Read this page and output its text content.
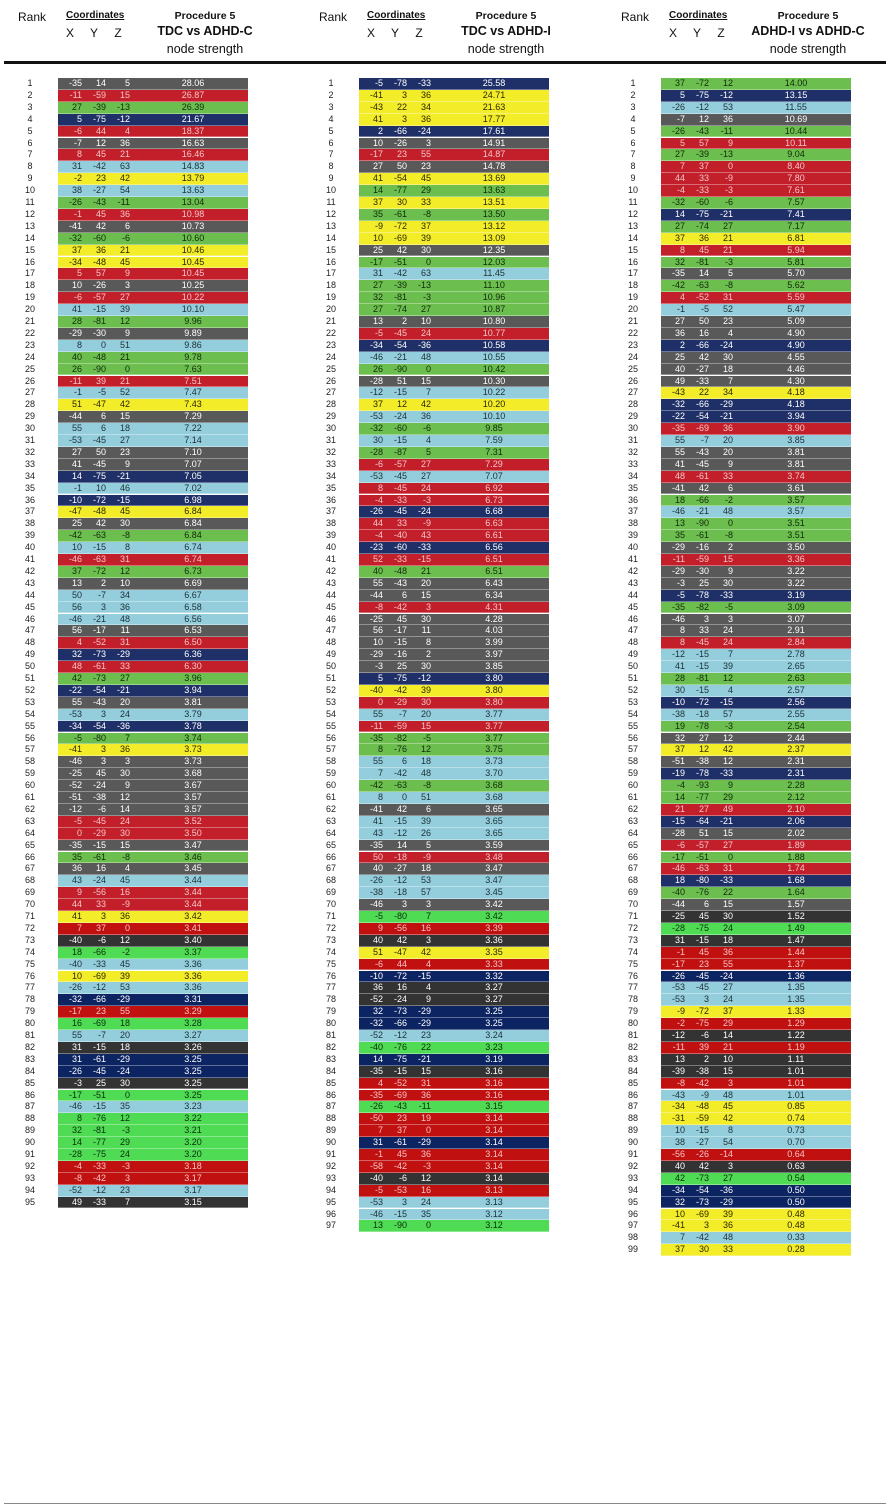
Rank Coordinates
X	Y	Z
Procedure 5
TDC vs ADHD-C
node strength
1	-35	14	5	28.06
2	-11	-59	15	26.87
3	27	-39	-13	26.39
4	5	-75	-12	21.67
5	-6	44	4	18.37
6	-7	12	36	16.63
7	8	45	21	16.46
8	31	-42	63	14.83
9	-2	23	42	13.79
10	38	-27	54	13.63
11	-26	-43	-11	13.04
12	-1	45	36	10.98
13	-41	42	6	10.73
14	-32	-60	-6	10.60
15	37	36	21	10.46
16	-34	-48	45	10.45
17	5	57	9	10.45
18	10	-26	3	10.25
19	-6	-57	27	10.22
20	41	-15	39	10.10
21	28	-81	12	9.96
22	-29	-30	9	9.89
23	8	0	51	9.86
24	40	-48	21	9.78
25	26	-90	0	7.63
26	-11	39	21	7.51
27	-1	-5	52	7.47
28	51	-47	42	7.43
29	-44	6	15	7.29
30	55	6	18	7.22
31	-53	-45	27	7.14
32	27	50	23	7.10
33	41	-45	9	7.07
34	14	-75	-21	7.05
35	-1	10	46	7.02
36	-10	-72	-15	6.98
37	-47	-48	45	6.84
38	25	42	30	6.84
39	-42	-63	-8	6.84
40	10	-15	8	6.74
41	-46	-63	31	6.74
42	37	-72	12	6.73
43	13	2	10	6.69
44	50	-7	34	6.67
45	56	3	36	6.58
46	-46	-21	48	6.56
47	56	-17	11	6.53
48	4	-52	31	6.50
49	32	-73	-29	6.36
50	48	-61	33	6.30
51	42	-73	27	3.96
52	-22	-54	-21	3.94
53	55	-43	20	3.81
54	-53	3	24	3.79
55	-34	-54	-36	3.78
56	-5	-80	7	3.74
57	-41	3	36	3.73
58	-46	3	3	3.73
59	-25	45	30	3.68
60	-52	-24	9	3.67
61	-51	-38	12	3.57
62	-12	-6	14	3.57
63	-5	-45	24	3.52
64	0	-29	30	3.50
65	-35	-15	15	3.47
66	35	-61	-8	3.46
67	36	16	4	3.45
68	43	-24	45	3.44
69	9	-56	16	3.44
70	44	33	-9	3.44
71	41	3	36	3.42
72	7	37	0	3.41
73	-40	-6	12	3.40
74	18	-66	-2	3.37
75	-40	-33	45	3.36
76	10	-69	39	3.36
77	-26	-12	53	3.36
78	-32	-66	-29	3.31
79	-17	23	55	3.29
80	16	-69	18	3.28
81	55	-7	20	3.27
82	31	-15	18	3.26
83	31	-61	-29	3.25
84	-26	-45	-24	3.25
85	-3	25	30	3.25
86	-17	-51	0	3.25
87	-46	-15	35	3.23
88	8	-76	12	3.22
89	32	-81	-3	3.21
90	14	-77	29	3.20
91	-28	-75	24	3.20
92	-4	-33	-3	3.18
93	-8	-42	3	3.17
94	-52	-12	23	3.17
95	49	-33	7	3.15
Rank Coordinates
X	Y	Z
Procedure 5
TDC vs ADHD-I
node strength
1	-5	-78	-33	25.58
2	-41	3	36	24.71
3	-43	22	34	21.63
4	41	3	36	17.77
5	2	-66	-24	17.61
6	10	-26	3	14.91
7	-17	23	55	14.87
8	27	50	23	14.78
9	41	-54	45	13.69
10	14	-77	29	13.63
11	37	30	33	13.51
12	35	-61	-8	13.50
13	-9	-72	37	13.12
14	10	-69	39	13.09
15	25	42	30	12.35
16	-17	-51	0	12.03
17	31	-42	63	11.45
18	27	-39	-13	11.10
19	32	-81	-3	10.96
20	27	-74	27	10.87
21	13	2	10	10.80
22	-5	-45	24	10.77
23	-34	-54	-36	10.58
24	-46	-21	48	10.55
25	26	-90	0	10.42
26	-28	51	15	10.30
27	-12	-15	7	10.22
28	37	12	42	10.20
29	-53	-24	36	10.10
30	-32	-60	-6	9.85
31	30	-15	4	7.59
32	-28	-87	5	7.31
33	-6	-57	27	7.29
34	-53	-45	27	7.07
35	8	-45	24	6.92
36	-4	-33	-3	6.73
37	-26	-45	-24	6.68
38	44	33	-9	6.63
39	-4	-40	43	6.61
40	-23	-60	-33	6.56
41	52	-33	-15	6.51
42	40	-48	21	6.51
43	55	-43	20	6.43
44	-44	6	15	6.34
45	-8	-42	3	4.31
46	-25	45	30	4.28
47	56	-17	11	4.03
48	10	-15	8	3.99
49	-29	-16	2	3.97
50	-3	25	30	3.85
51	5	-75	-12	3.80
52	-40	-42	39	3.80
53	0	-29	30	3.80
54	55	-7	20	3.77
55	-11	-59	15	3.77
56	-35	-82	-5	3.77
57	8	-76	12	3.75
58	55	6	18	3.73
59	7	-42	48	3.70
60	-42	-63	-8	3.68
61	8	0	51	3.68
62	-41	42	6	3.65
63	41	-15	39	3.65
64	43	-12	26	3.65
65	-35	14	5	3.59
66	50	-18	-9	3.48
67	40	-27	18	3.47
68	-26	-12	53	3.47
69	-38	-18	57	3.45
70	-46	3	3	3.42
71	-5	-80	7	3.42
72	9	-56	16	3.39
73	40	42	3	3.36
74	51	-47	42	3.35
75	-6	44	4	3.33
76	-10	-72	-15	3.32
77	36	16	4	3.27
78	-52	-24	9	3.27
79	32	-73	-29	3.25
80	-32	-66	-29	3.25
81	-52	-12	23	3.24
82	-40	-76	22	3.23
83	14	-75	-21	3.19
84	-35	-15	15	3.16
85	4	-52	31	3.16
86	-35	-69	36	3.16
87	-26	-43	-11	3.15
88	-50	23	19	3.14
89	7	37	0	3.14
90	31	-61	-29	3.14
91	-1	45	36	3.14
92	-58	-42	-3	3.14
93	-40	-6	12	3.14
94	-5	-53	16	3.13
95	-53	3	24	3.13
96	-46	-15	35	3.12
97	13	-90	0	3.12
Rank Coordinates
X	Y	Z
Procedure 5
ADHD-I vs ADHD-C
node strength
1	37	-72	12	14.00
2	5	-75	-12	13.15
3	-26	-12	53	11.55
4	-7	12	36	10.69
5	-26	-43	-11	10.44
6	5	57	9	10.11
7	27	-39	-13	9.04
8	7	37	0	8.40
9	44	33	-9	7.80
10	-4	-33	-3	7.61
11	-32	-60	-6	7.57
12	14	-75	-21	7.41
13	27	-74	27	7.17
14	37	36	21	6.81
15	8	45	21	5.94
16	32	-81	-3	5.81
17	-35	14	5	5.70
18	-42	-63	-8	5.62
19	4	-52	31	5.59
20	-1	-5	52	5.47
21	27	50	23	5.09
22	36	16	4	4.90
23	2	-66	-24	4.90
24	25	42	30	4.55
25	40	-27	18	4.46
26	49	-33	7	4.30
27	-43	22	34	4.18
28	-32	-66	-29	4.18
29	-22	-54	-21	3.94
30	-35	-69	36	3.90
31	55	-7	20	3.85
32	55	-43	20	3.81
33	41	-45	9	3.81
34	48	-61	33	3.74
35	-41	42	6	3.61
36	18	-66	-2	3.57
37	-46	-21	48	3.57
38	13	-90	0	3.51
39	35	-61	-8	3.51
40	-29	-16	2	3.50
41	-11	-59	15	3.36
42	-29	-30	9	3.22
43	-3	25	30	3.22
44	-5	-78	-33	3.19
45	-35	-82	-5	3.09
46	-46	3	3	3.07
47	8	33	24	2.91
48	8	-45	24	2.84
49	-12	-15	7	2.78
50	41	-15	39	2.65
51	28	-81	12	2.63
52	30	-15	4	2.57
53	-10	-72	-15	2.56
54	-38	-18	57	2.55
55	19	-78	-3	2.54
56	32	27	12	2.44
57	37	12	42	2.37
58	-51	-38	12	2.31
59	-19	-78	-33	2.31
60	-4	-93	9	2.28
61	14	-77	29	2.12
62	21	27	49	2.10
63	-15	-64	-21	2.06
64	-28	51	15	2.02
65	-6	-57	27	1.89
66	-17	-51	0	1.88
67	-46	-63	31	1.74
68	18	-80	-33	1.68
69	-40	-76	22	1.64
70	-44	6	15	1.57
71	-25	45	30	1.52
72	-28	-75	24	1.49
73	31	-15	18	1.47
74	-1	45	36	1.44
75	-17	23	55	1.37
76	-26	-45	-24	1.36
77	-53	-45	27	1.35
78	-53	3	24	1.35
79	-9	-72	37	1.33
80	-2	-75	29	1.29
81	-12	-6	14	1.22
82	-11	39	21	1.19
83	13	2	10	1.11
84	-39	-38	15	1.01
85	-8	-42	3	1.01
86	-43	-9	48	1.01
87	-34	-48	45	0.85
88	-31	-59	42	0.74
89	10	-15	8	0.73
90	38	-27	54	0.70
91	-56	-26	-14	0.64
92	40	42	3	0.63
93	42	-73	27	0.54
94	-34	-54	-36	0.50
95	32	-73	-29	0.50
96	10	-69	39	0.48
97	-41	3	36	0.48
98	7	-42	48	0.33
99	37	30	33	0.28
